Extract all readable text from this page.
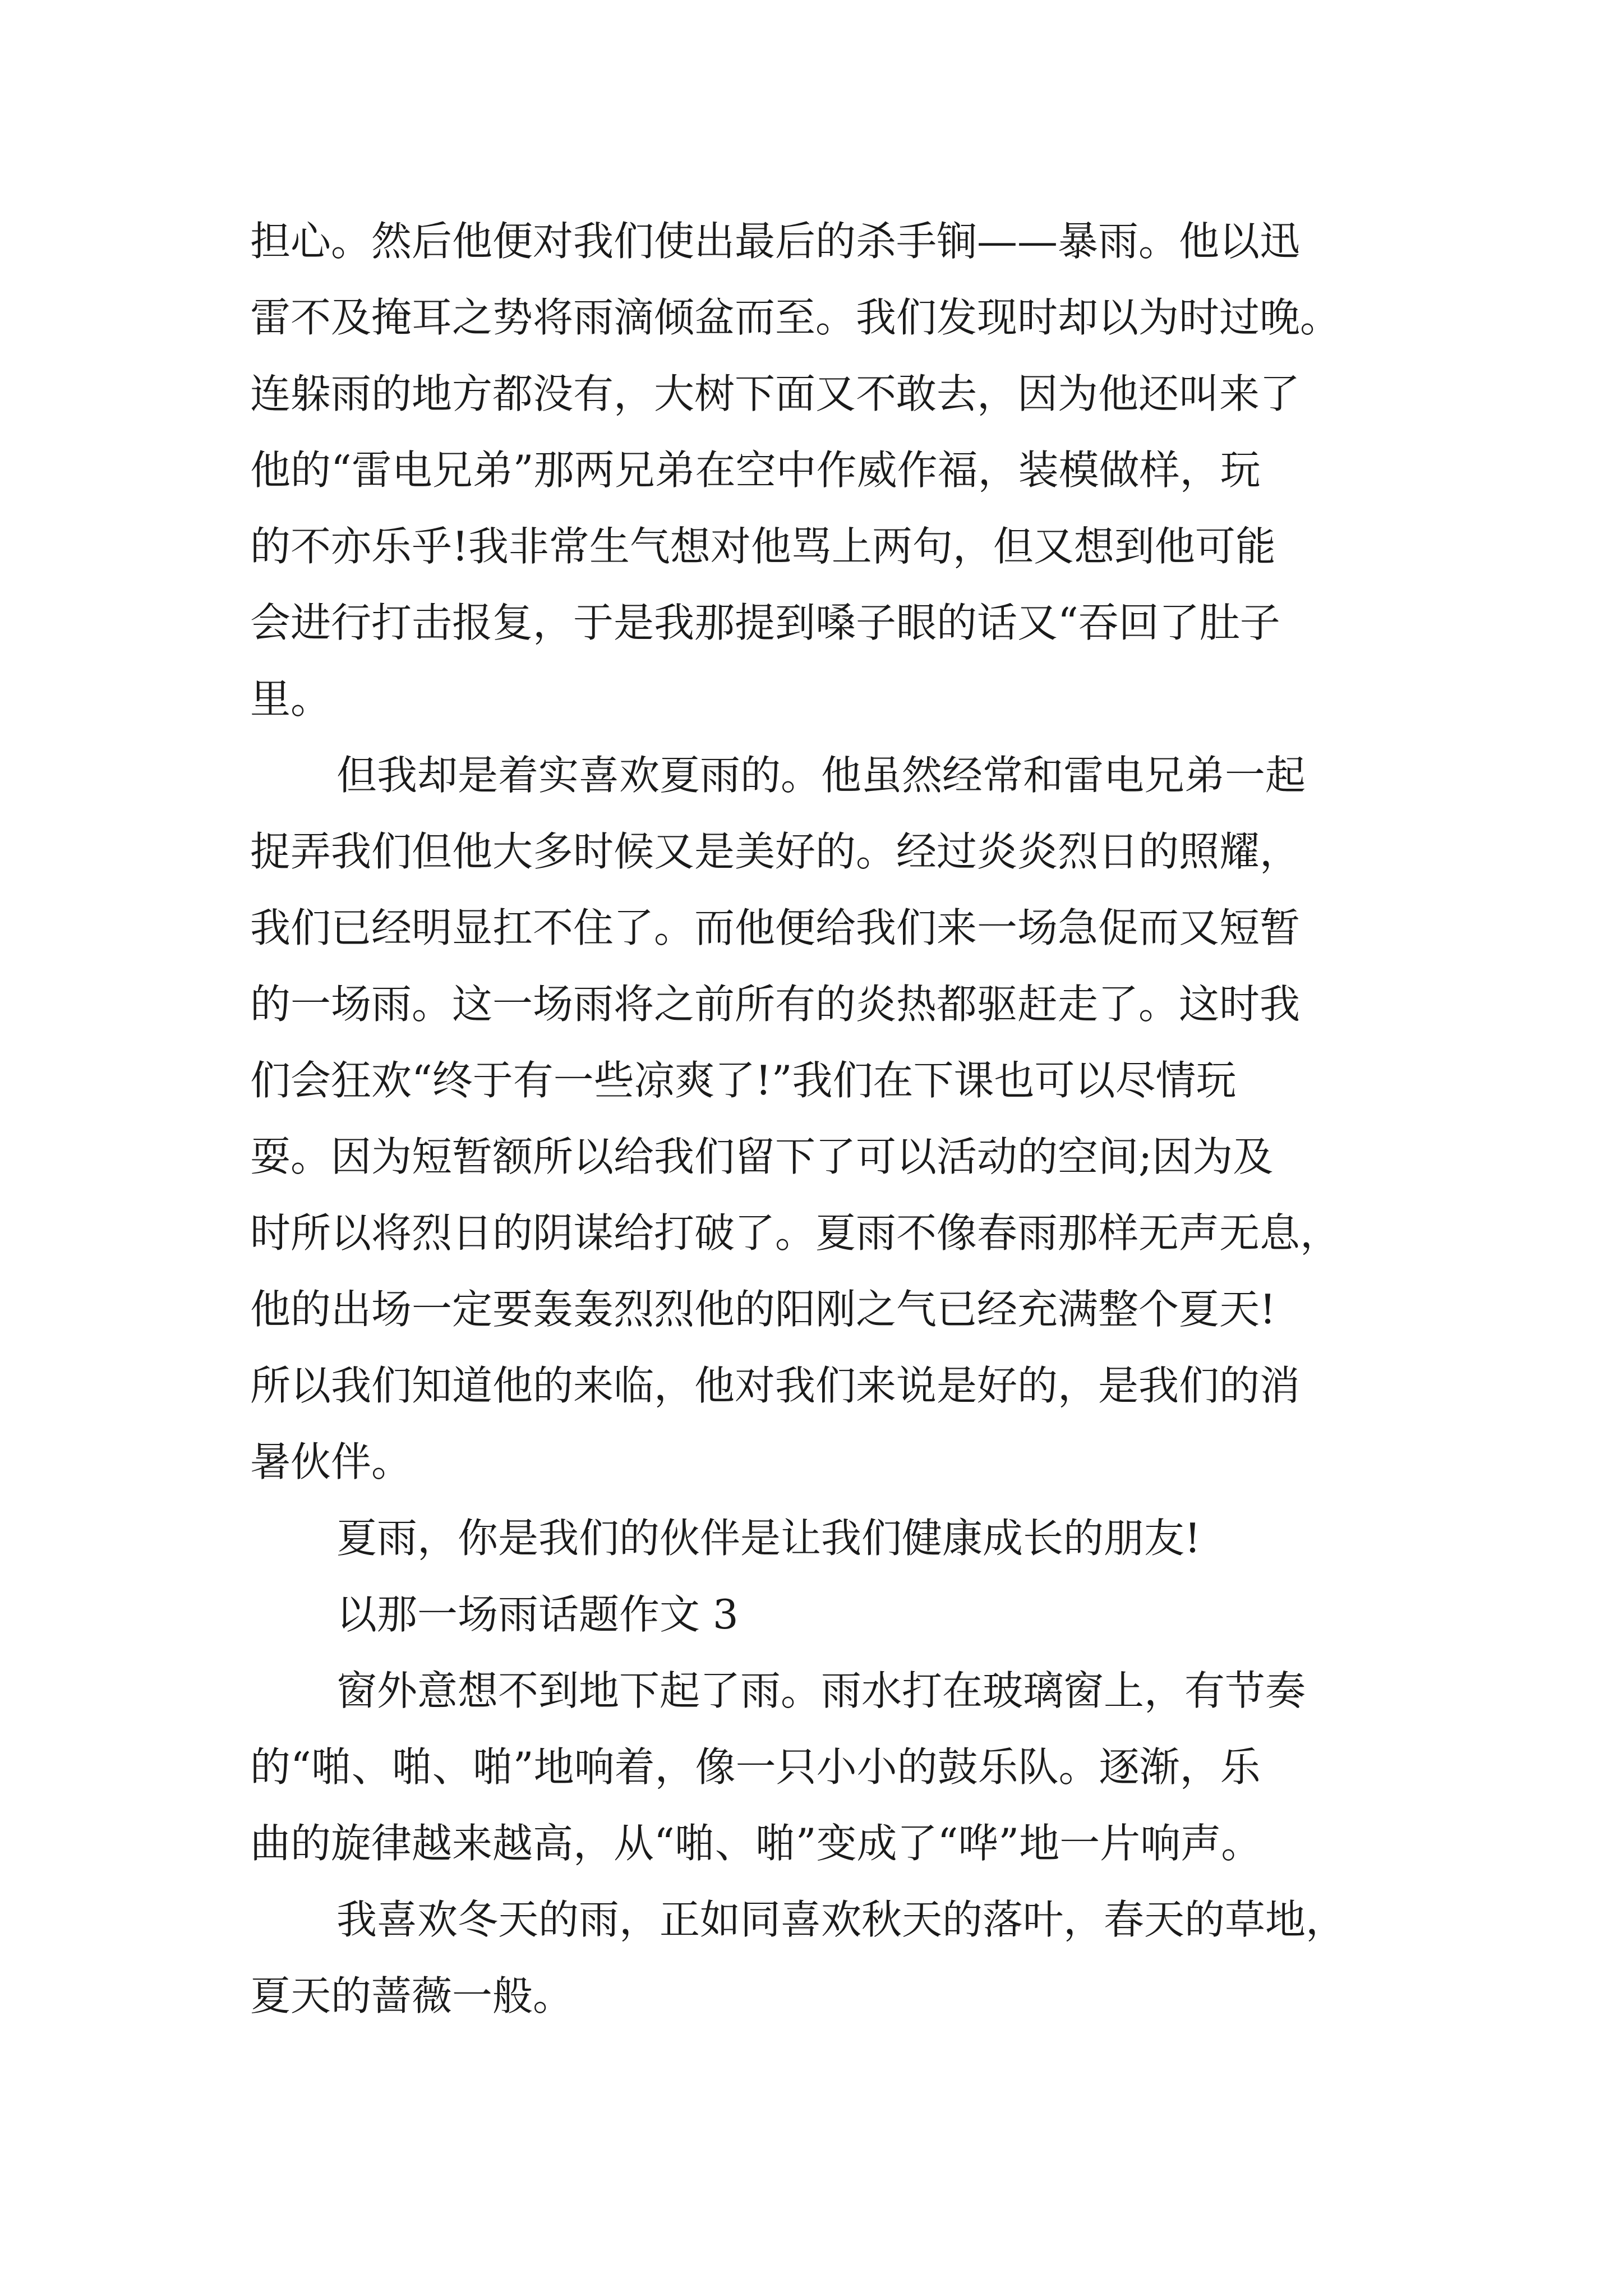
担心。然后他便对我们使出最后的杀手锏——暴雨。他以迅

雷不及掩耳之势将雨滴倾盆而至。我们发现时却以为时过晚。

连躲雨的地方都没有，大树下面又不敢去，因为他还叫来了

他的“雷电兄弟”那两兄弟在空中作威作福，装模做样，玩

的不亦乐乎!我非常生气想对他骂上两句，但又想到他可能

会进行打击报复，于是我那提到嗓子眼的话又“吞回了肚子

里。

但我却是着实喜欢夏雨的。他虽然经常和雷电兄弟一起

捉弄我们但他大多时候又是美好的。经过炎炎烈日的照耀，

我们已经明显扛不住了。而他便给我们来一场急促而又短暂

的一场雨。这一场雨将之前所有的炎热都驱赶走了。这时我

们会狂欢“终于有一些凉爽了!”我们在下课也可以尽情玩

耍。因为短暂额所以给我们留下了可以活动的空间;因为及

时所以将烈日的阴谋给打破了。夏雨不像春雨那样无声无息，

他的出场一定要轰轰烈烈他的阳刚之气已经充满整个夏天!

所以我们知道他的来临，他对我们来说是好的，是我们的消

暑伙伴。

夏雨，你是我们的伙伴是让我们健康成长的朋友!

以那一场雨话题作文 3

窗外意想不到地下起了雨。雨水打在玻璃窗上，有节奏

的“啪、啪、啪”地响着，像一只小小的鼓乐队。逐渐，乐

曲的旋律越来越高，从“啪、啪”变成了“哗”地一片响声。

我喜欢冬天的雨，正如同喜欢秋天的落叶，春天的草地，

夏天的蔷薇一般。
